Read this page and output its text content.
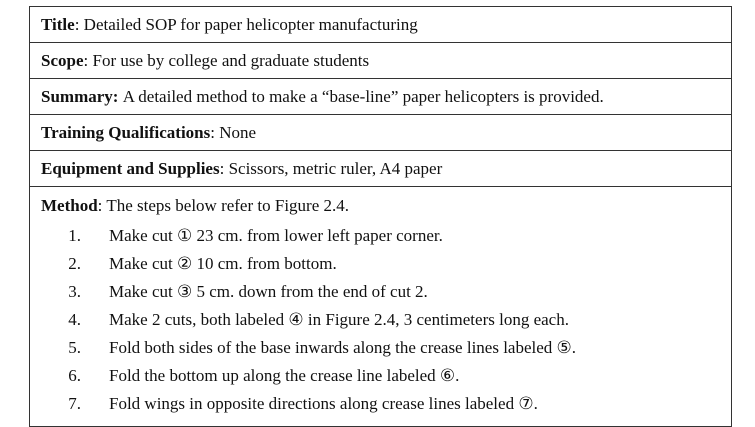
Title : Detailed SOP for paper helicopter manufacturing
Scope : For use by college and graduate students
Summary:
A detailed method to make a “base-line” paper helicopters is provided.
Training Qualifications : None
Equipment and Supplies : Scissors, metric ruler, A4 paper
Method: The steps below refer to Figure 2.4.
1. Make cut ① 23 cm. from lower left paper corner.
2. Make cut ② 10 cm. from bottom.
3. Make cut ③ 5 cm. down from the end of cut 2.
4. Make 2 cuts, both labeled ④ in Figure 2.4, 3 centimeters long each.
5. Fold both sides of the base inwards along the crease lines labeled ⑤.
6. Fold the bottom up along the crease line labeled ⑥.
7. Fold wings in opposite directions along crease lines labeled ⑦.
